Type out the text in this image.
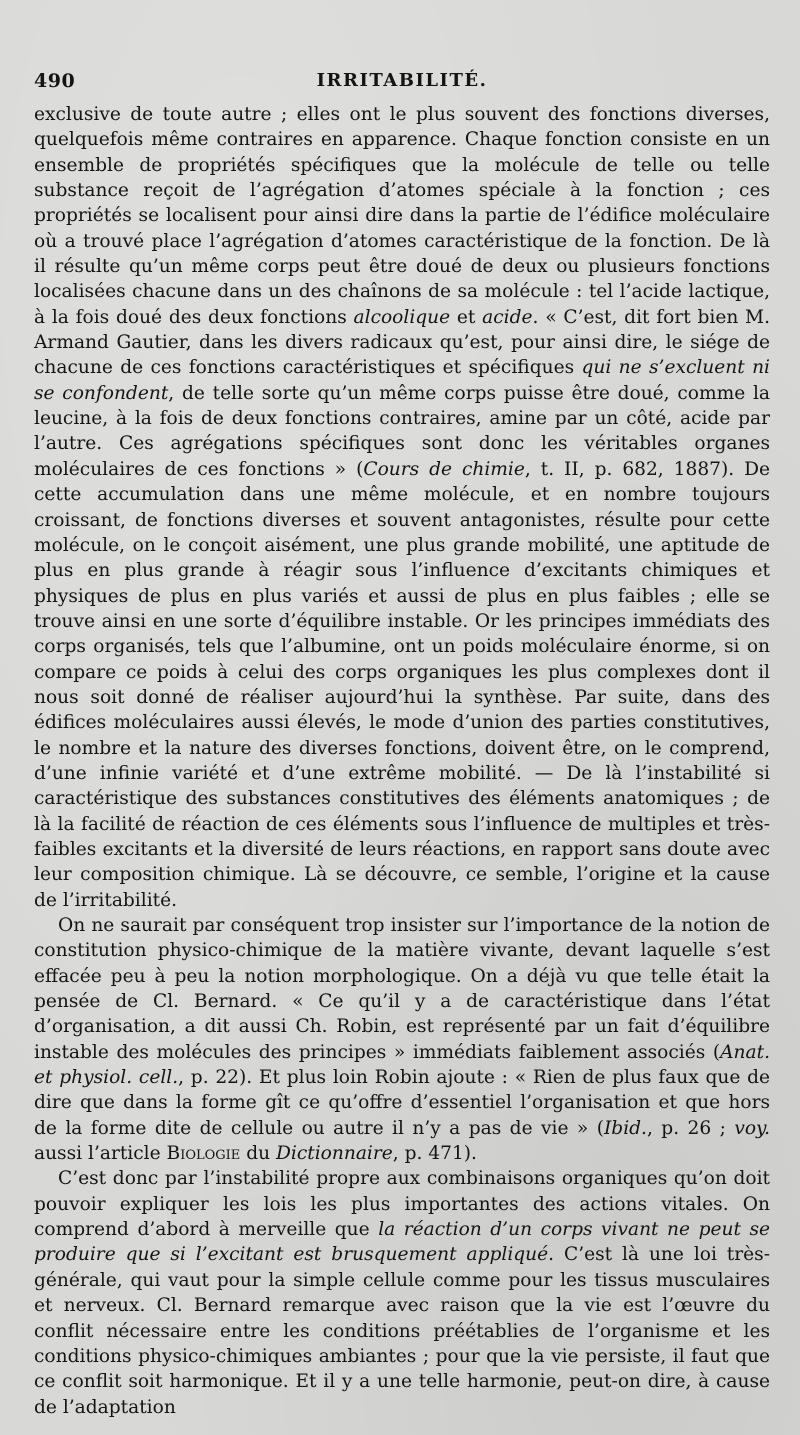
490	IRRITABILITÉ.

exclusive de toute autre ; elles ont le plus souvent des fonctions diverses, quelquefois même contraires en apparence. Chaque fonction consiste en un ensemble de propriétés spécifiques que la molécule de telle ou telle substance reçoit de l’agrégation d’atomes spéciale à la fonction ; ces propriétés se localisent pour ainsi dire dans la partie de l’édifice moléculaire où a trouvé place l’agrégation d’atomes caractéristique de la fonction. De là il résulte qu’un même corps peut être doué de deux ou plusieurs fonctions localisées chacune dans un des chaînons de sa molécule : tel l’acide lactique, à la fois doué des deux fonctions alcoolique et acide. « C’est, dit fort bien M. Armand Gautier, dans les divers radicaux qu’est, pour ainsi dire, le siége de chacune de ces fonctions caractéristiques et spécifiques qui ne s’excluent ni se confondent, de telle sorte qu’un même corps puisse être doué, comme la leucine, à la fois de deux fonctions contraires, amine par un côté, acide par l’autre. Ces agrégations spécifiques sont donc les véritables organes moléculaires de ces fonctions » (Cours de chimie, t. II, p. 682, 1887). De cette accumulation dans une même molécule, et en nombre toujours croissant, de fonctions diverses et souvent antagonistes, résulte pour cette molécule, on le conçoit aisément, une plus grande mobilité, une aptitude de plus en plus grande à réagir sous l’influence d’excitants chimiques et physiques de plus en plus variés et aussi de plus en plus faibles ; elle se trouve ainsi en une sorte d’équilibre instable. Or les principes immédiats des corps organisés, tels que l’albumine, ont un poids moléculaire énorme, si on compare ce poids à celui des corps organiques les plus complexes dont il nous soit donné de réaliser aujourd’hui la synthèse. Par suite, dans des édifices moléculaires aussi élevés, le mode d’union des parties constitutives, le nombre et la nature des diverses fonctions, doivent être, on le comprend, d’une infinie variété et d’une extrême mobilité. — De là l’instabilité si caractéristique des substances constitutives des éléments anatomiques ; de là la facilité de réaction de ces éléments sous l’influence de multiples et très-faibles excitants et la diversité de leurs réactions, en rapport sans doute avec leur composition chimique. Là se découvre, ce semble, l’origine et la cause de l’irritabilité.

On ne saurait par conséquent trop insister sur l’importance de la notion de constitution physico-chimique de la matière vivante, devant laquelle s’est effacée peu à peu la notion morphologique. On a déjà vu que telle était la pensée de Cl. Bernard. « Ce qu’il y a de caractéristique dans l’état d’organisation, a dit aussi Ch. Robin, est représenté par un fait d’équilibre instable des molécules des principes » immédiats faiblement associés (Anat. et physiol. cell., p. 22). Et plus loin Robin ajoute : « Rien de plus faux que de dire que dans la forme gît ce qu’offre d’essentiel l’organisation et que hors de la forme dite de cellule ou autre il n’y a pas de vie » (Ibid., p. 26 ; voy. aussi l’article Biologie du Dictionnaire, p. 471).

C’est donc par l’instabilité propre aux combinaisons organiques qu’on doit pouvoir expliquer les lois les plus importantes des actions vitales. On comprend d’abord à merveille que la réaction d’un corps vivant ne peut se produire que si l’excitant est brusquement appliqué. C’est là une loi très-générale, qui vaut pour la simple cellule comme pour les tissus musculaires et nerveux. Cl. Bernard remarque avec raison que la vie est l’œuvre du conflit nécessaire entre les conditions préétablies de l’organisme et les conditions physico-chimiques ambiantes ; pour que la vie persiste, il faut que ce conflit soit harmonique. Et il y a une telle harmonie, peut-on dire, à cause de l’adaptation
